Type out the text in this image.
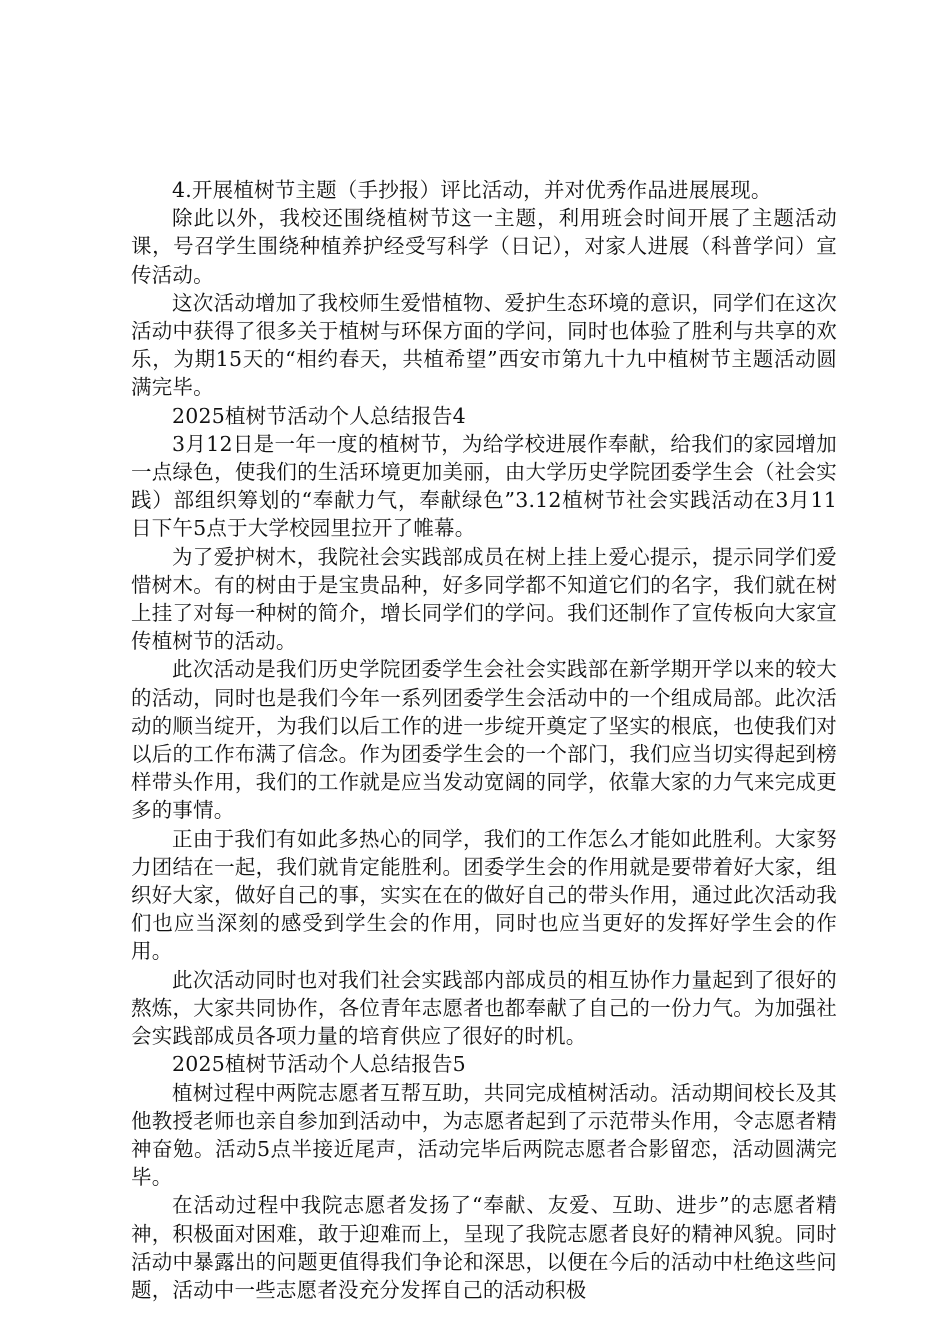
4.开展植树节主题（手抄报）评比活动，并对优秀作品进展展现。

除此以外，我校还围绕植树节这一主题，利用班会时间开展了主题活动课，号召学生围绕种植养护经受写科学（日记），对家人进展（科普学问）宣传活动。

这次活动增加了我校师生爱惜植物、爱护生态环境的意识，同学们在这次活动中获得了很多关于植树与环保方面的学问，同时也体验了胜利与共享的欢乐，为期15天的“相约春天，共植希望”西安市第九十九中植树节主题活动圆满完毕。

2025植树节活动个人总结报告4

3月12日是一年一度的植树节，为给学校进展作奉献，给我们的家园增加一点绿色，使我们的生活环境更加美丽，由大学历史学院团委学生会（社会实践）部组织筹划的“奉献力气，奉献绿色”3.12植树节社会实践活动在3月11日下午5点于大学校园里拉开了帷幕。

为了爱护树木，我院社会实践部成员在树上挂上爱心提示，提示同学们爱惜树木。有的树由于是宝贵品种，好多同学都不知道它们的名字，我们就在树上挂了对每一种树的简介，增长同学们的学问。我们还制作了宣传板向大家宣传植树节的活动。

此次活动是我们历史学院团委学生会社会实践部在新学期开学以来的较大的活动，同时也是我们今年一系列团委学生会活动中的一个组成局部。此次活动的顺当绽开，为我们以后工作的进一步绽开奠定了坚实的根底，也使我们对以后的工作布满了信念。作为团委学生会的一个部门，我们应当切实得起到榜样带头作用，我们的工作就是应当发动宽阔的同学，依靠大家的力气来完成更多的事情。

正由于我们有如此多热心的同学，我们的工作怎么才能如此胜利。大家努力团结在一起，我们就肯定能胜利。团委学生会的作用就是要带着好大家，组织好大家，做好自己的事，实实在在的做好自己的带头作用，通过此次活动我们也应当深刻的感受到学生会的作用，同时也应当更好的发挥好学生会的作用。

此次活动同时也对我们社会实践部内部成员的相互协作力量起到了很好的熬炼，大家共同协作，各位青年志愿者也都奉献了自己的一份力气。为加强社会实践部成员各项力量的培育供应了很好的时机。

2025植树节活动个人总结报告5

植树过程中两院志愿者互帮互助，共同完成植树活动。活动期间校长及其他教授老师也亲自参加到活动中，为志愿者起到了示范带头作用，令志愿者精神奋勉。活动5点半接近尾声，活动完毕后两院志愿者合影留恋，活动圆满完毕。

在活动过程中我院志愿者发扬了“奉献、友爱、互助、进步”的志愿者精神，积极面对困难，敢于迎难而上，呈现了我院志愿者良好的精神风貌。同时活动中暴露出的问题更值得我们争论和深思，以便在今后的活动中杜绝这些问题，活动中一些志愿者没充分发挥自己的活动积极
